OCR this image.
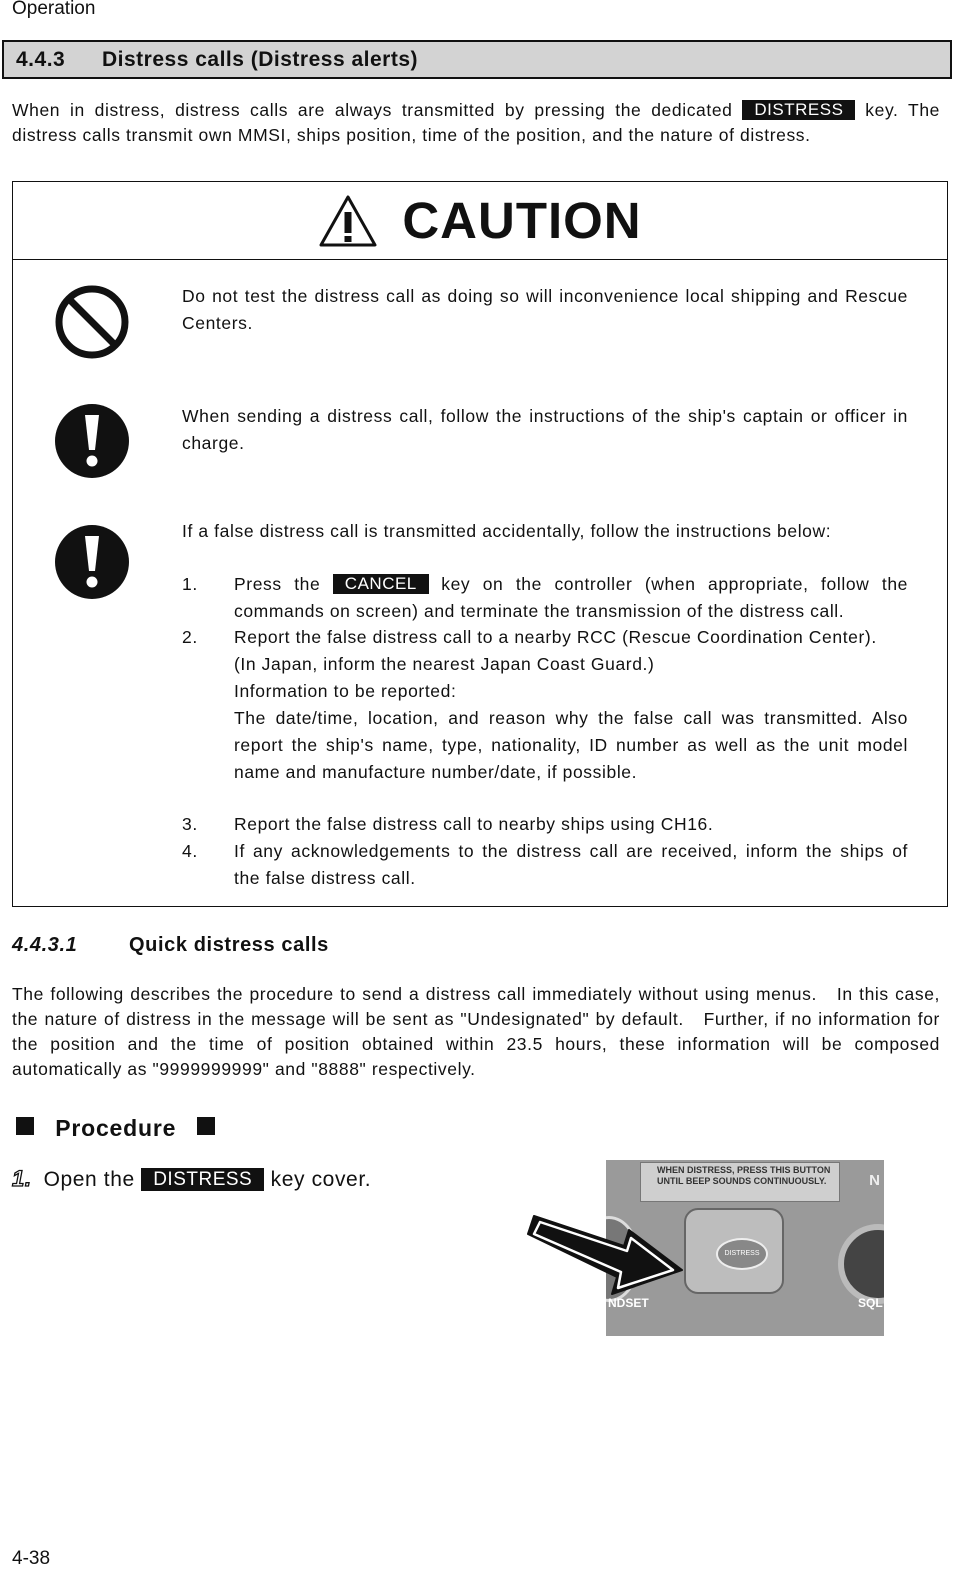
Operation
4.4.3	Distress calls (Distress alerts)
When in distress, distress calls are always transmitted by pressing the dedicated DISTRESS key. The distress calls transmit own MMSI, ships position, time of the position, and the nature of distress.
CAUTION
Do not test the distress call as doing so will inconvenience local shipping and Rescue Centers.
When sending a distress call, follow the instructions of the ship's captain or officer in charge.
If a false distress call is transmitted accidentally, follow the instructions below:
1. Press the CANCEL key on the controller (when appropriate, follow the commands on screen) and terminate the transmission of the distress call.
2. Report the false distress call to a nearby RCC (Rescue Coordination Center).
(In Japan, inform the nearest Japan Coast Guard.)
Information to be reported:
The date/time, location, and reason why the false call was transmitted. Also report the ship's name, type, nationality, ID number as well as the unit model name and manufacture number/date, if possible.
3. Report the false distress call to nearby ships using CH16.
4. If any acknowledgements to the distress call are received, inform the ships of the false distress call.
4.4.3.1	Quick distress calls
The following describes the procedure to send a distress call immediately without using menus.　In this case, the nature of distress in the message will be sent as "Undesignated" by default.　Further, if no information for the position and the time of position obtained within 23.5 hours, these information will be composed automatically as "9999999999" and "8888" respectively.
Procedure
1. Open the DISTRESS key cover.	WHEN DISTRESS, PRESS THIS BUTTON UNTIL BEEP SOUNDS CONTINUOUSLY.	N
DISTRESS
NDSET	SQL
4-38
